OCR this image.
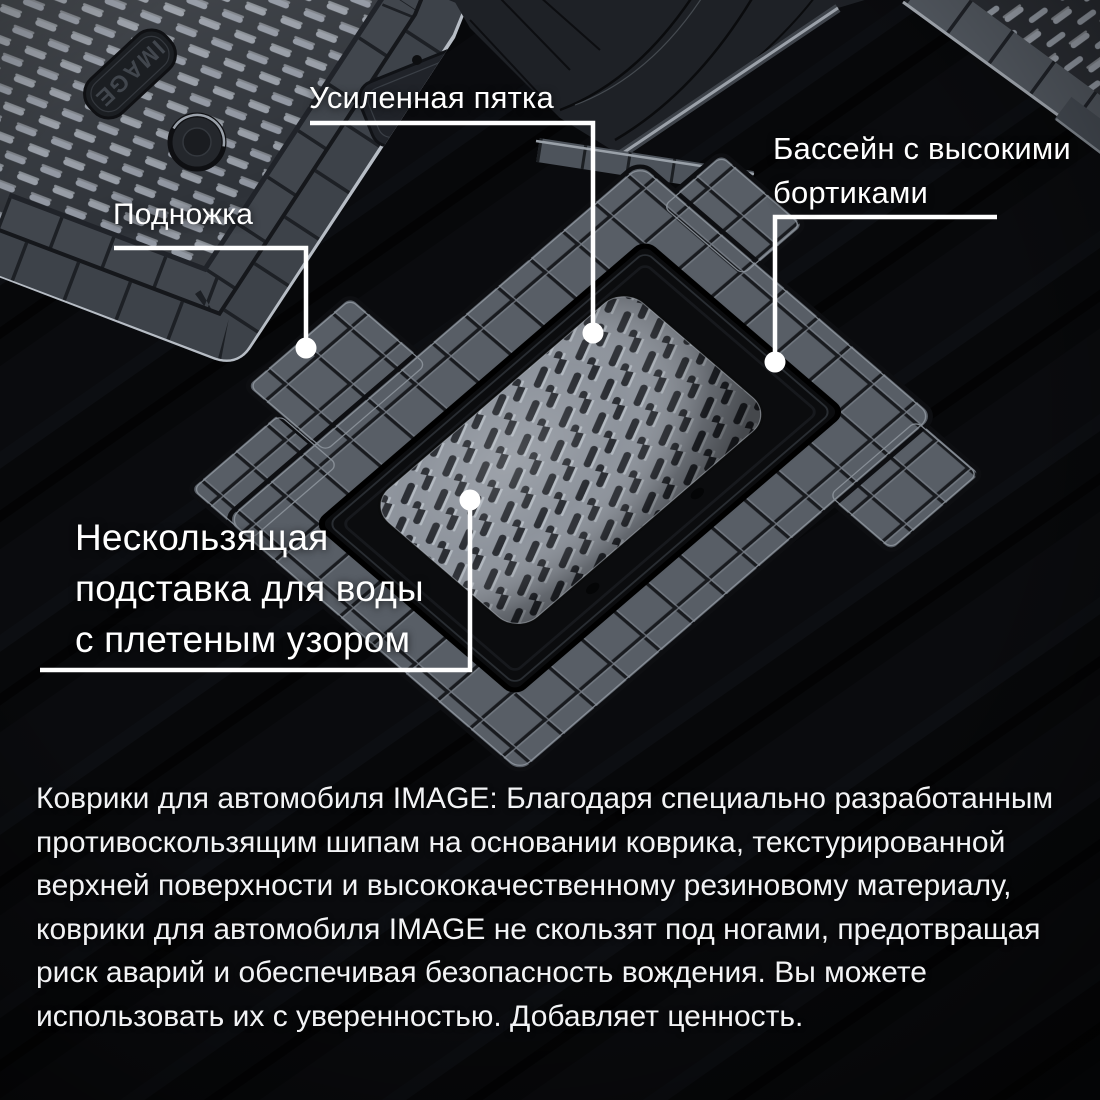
Усиленная пятка
Бассейн с высокими
бортиками
Подножка
Нескользящая
подставка для воды
с плетеным узором
Коврики для автомобиля IMAGE: Благодаря специально разработанным противоскользящим шипам на основании коврика, текстурированной верхней поверхности и высококачественному резиновому материалу, коврики для автомобиля IMAGE не скользят под ногами, предотвращая риск аварий и обеспечивая безопасность вождения. Вы можете использовать их с уверенностью. Добавляет ценность.
